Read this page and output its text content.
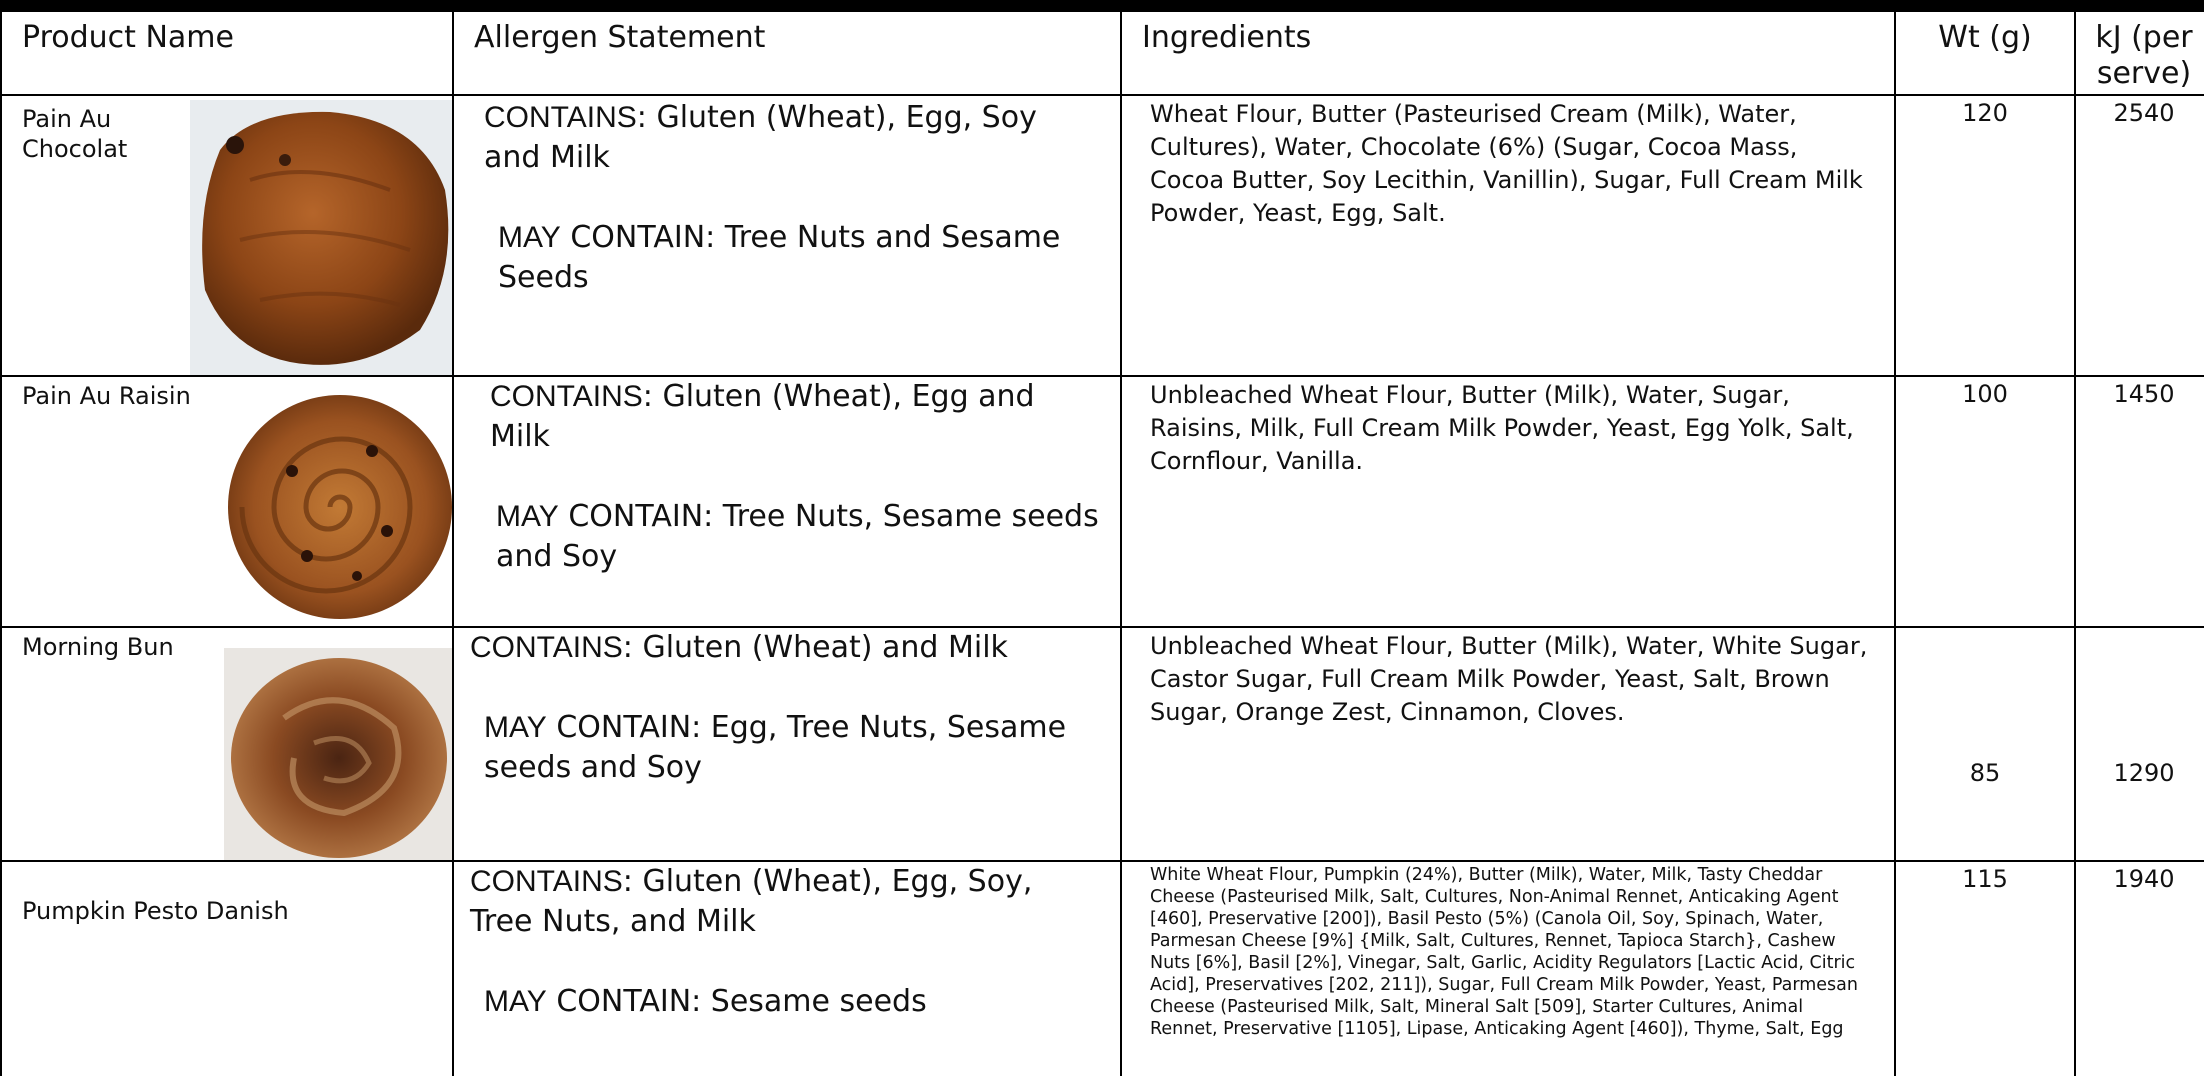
Product Name	Allergen Statement	Ingredients	Wt (g)	kJ (per serve)

Pain Au Chocolat	CONTAINS: Gluten (Wheat), Egg, Soy and Milk
MAY CONTAIN: Tree Nuts and Sesame Seeds	Wheat Flour, Butter (Pasteurised Cream (Milk), Water, Cultures), Water, Chocolate (6%) (Sugar, Cocoa Mass, Cocoa Butter, Soy Lecithin, Vanillin), Sugar, Full Cream Milk Powder, Yeast, Egg, Salt.	120	2540

Pain Au Raisin	CONTAINS: Gluten (Wheat), Egg and Milk
MAY CONTAIN: Tree Nuts, Sesame seeds and Soy	Unbleached Wheat Flour, Butter (Milk), Water, Sugar, Raisins, Milk, Full Cream Milk Powder, Yeast, Egg Yolk, Salt, Cornflour, Vanilla.	100	1450

Morning Bun	CONTAINS: Gluten (Wheat) and Milk
MAY CONTAIN: Egg, Tree Nuts, Sesame seeds and Soy	Unbleached Wheat Flour, Butter (Milk), Water, White Sugar, Castor Sugar, Full Cream Milk Powder, Yeast, Salt, Brown Sugar, Orange Zest, Cinnamon, Cloves.	85	1290

Pumpkin Pesto Danish	CONTAINS: Gluten (Wheat), Egg, Soy, Tree Nuts, and Milk
MAY CONTAIN: Sesame seeds	White Wheat Flour, Pumpkin (24%), Butter (Milk), Water, Milk, Tasty Cheddar Cheese (Pasteurised Milk, Salt, Cultures, Non-Animal Rennet, Anticaking Agent [460], Preservative [200]), Basil Pesto (5%) (Canola Oil, Soy, Spinach, Water, Parmesan Cheese [9%] {Milk, Salt, Cultures, Rennet, Tapioca Starch}, Cashew Nuts [6%], Basil [2%], Vinegar, Salt, Garlic, Acidity Regulators [Lactic Acid, Citric Acid], Preservatives [202, 211]), Sugar, Full Cream Milk Powder, Yeast, Parmesan Cheese (Pasteurised Milk, Salt, Mineral Salt [509], Starter Cultures, Animal Rennet, Preservative [1105], Lipase, Anticaking Agent [460]), Thyme, Salt, Egg	115	1940
